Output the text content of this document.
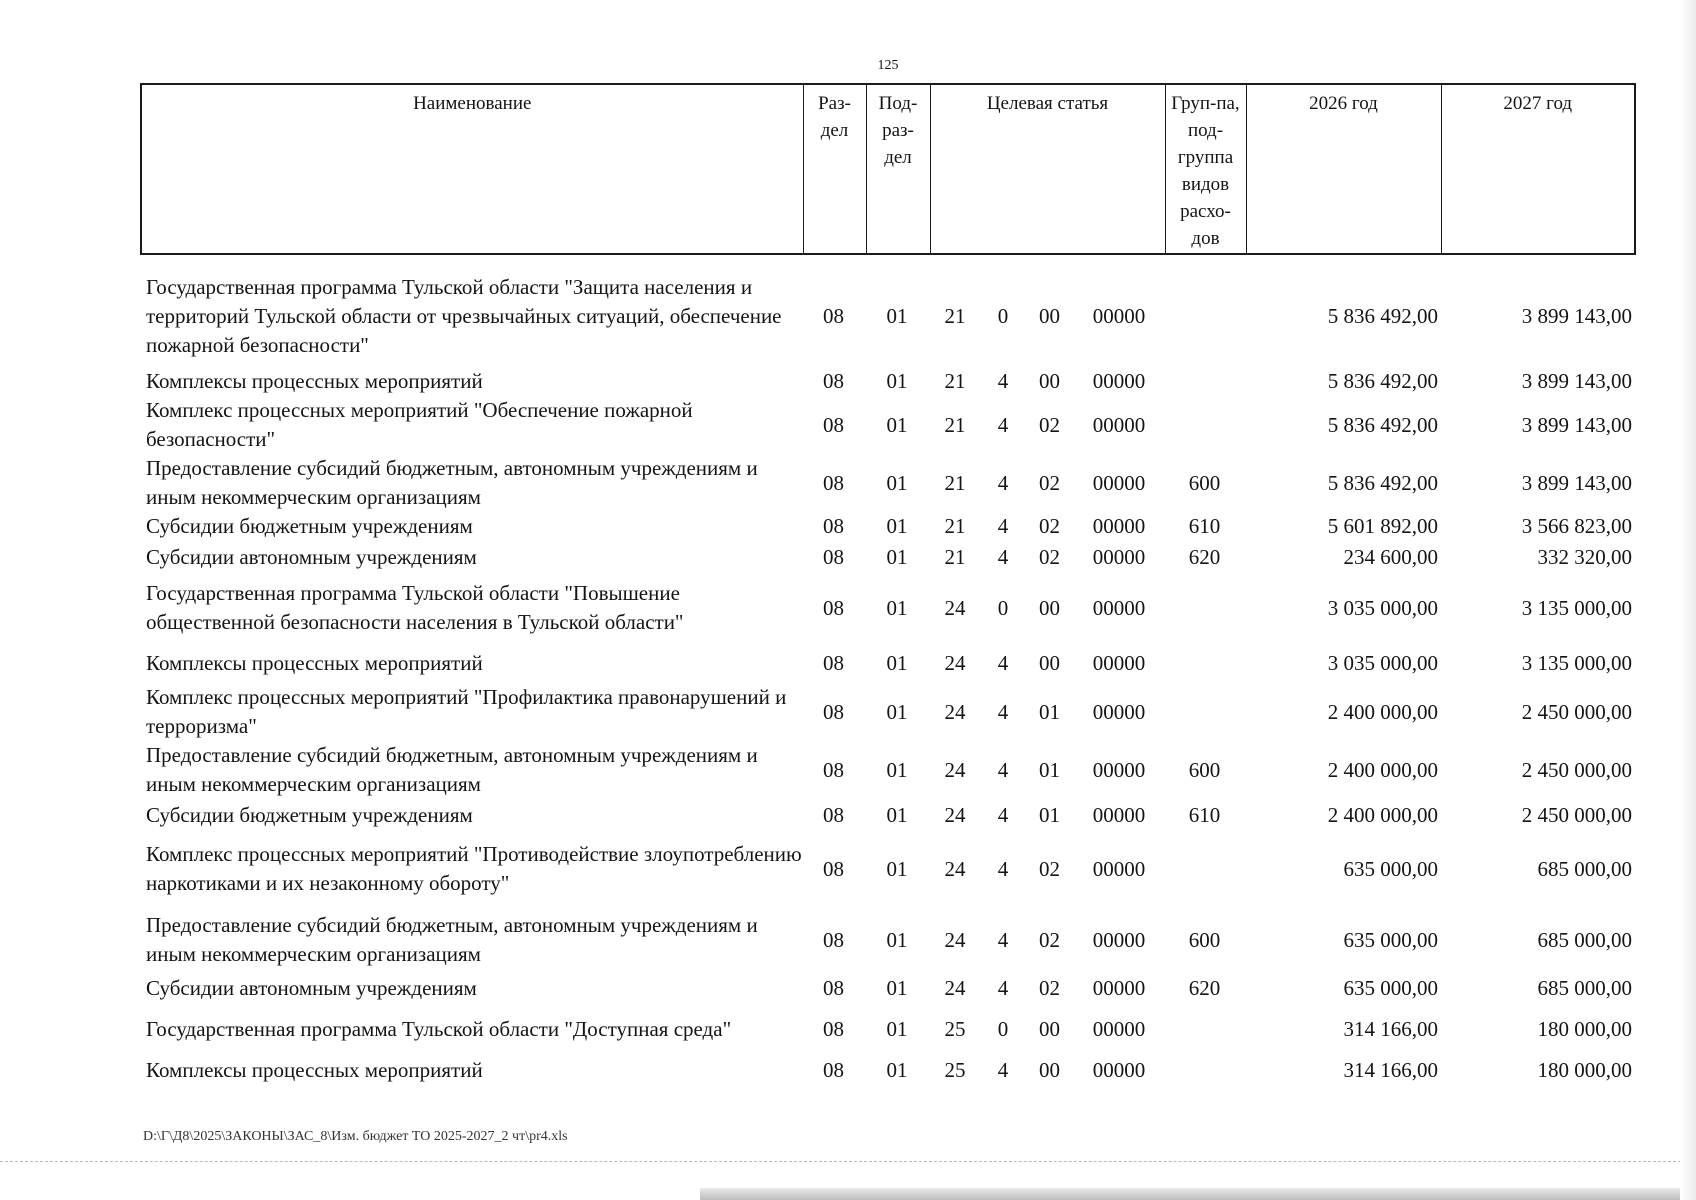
125
Наименование	Раз-дел	Под-раз-дел	Целевая статья	Груп-па, под-группа видов расхо-дов	2026 год	2027 год
Государственная программа Тульской области "Защита населения и территорий Тульской области от чрезвычайных ситуаций, обеспечение пожарной безопасности"	08	01	21	0	00	00000		5 836 492,00	3 899 143,00
Комплексы процессных мероприятий	08	01	21	4	00	00000		5 836 492,00	3 899 143,00
Комплекс процессных мероприятий "Обеспечение пожарной безопасности"	08	01	21	4	02	00000		5 836 492,00	3 899 143,00
Предоставление субсидий бюджетным, автономным учреждениям и иным некоммерческим организациям	08	01	21	4	02	00000	600	5 836 492,00	3 899 143,00
Субсидии бюджетным учреждениям	08	01	21	4	02	00000	610	5 601 892,00	3 566 823,00
Субсидии автономным учреждениям	08	01	21	4	02	00000	620	234 600,00	332 320,00
Государственная программа Тульской области "Повышение общественной безопасности населения в Тульской области"	08	01	24	0	00	00000		3 035 000,00	3 135 000,00
Комплексы процессных мероприятий	08	01	24	4	00	00000		3 035 000,00	3 135 000,00
Комплекс процессных мероприятий "Профилактика правонарушений и терроризма"	08	01	24	4	01	00000		2 400 000,00	2 450 000,00
Предоставление субсидий бюджетным, автономным учреждениям и иным некоммерческим организациям	08	01	24	4	01	00000	600	2 400 000,00	2 450 000,00
Субсидии бюджетным учреждениям	08	01	24	4	01	00000	610	2 400 000,00	2 450 000,00
Комплекс процессных мероприятий "Противодействие злоупотреблению наркотиками и их незаконному обороту"	08	01	24	4	02	00000		635 000,00	685 000,00
Предоставление субсидий бюджетным, автономным учреждениям и иным некоммерческим организациям	08	01	24	4	02	00000	600	635 000,00	685 000,00
Субсидии автономным учреждениям	08	01	24	4	02	00000	620	635 000,00	685 000,00
Государственная программа Тульской области "Доступная среда"	08	01	25	0	00	00000		314 166,00	180 000,00
Комплексы процессных мероприятий	08	01	25	4	00	00000		314 166,00	180 000,00
D:\Г\Д8\2025\ЗАКОНЫ\ЗАС_8\Изм. бюджет ТО 2025-2027_2 чт\pr4.xls
